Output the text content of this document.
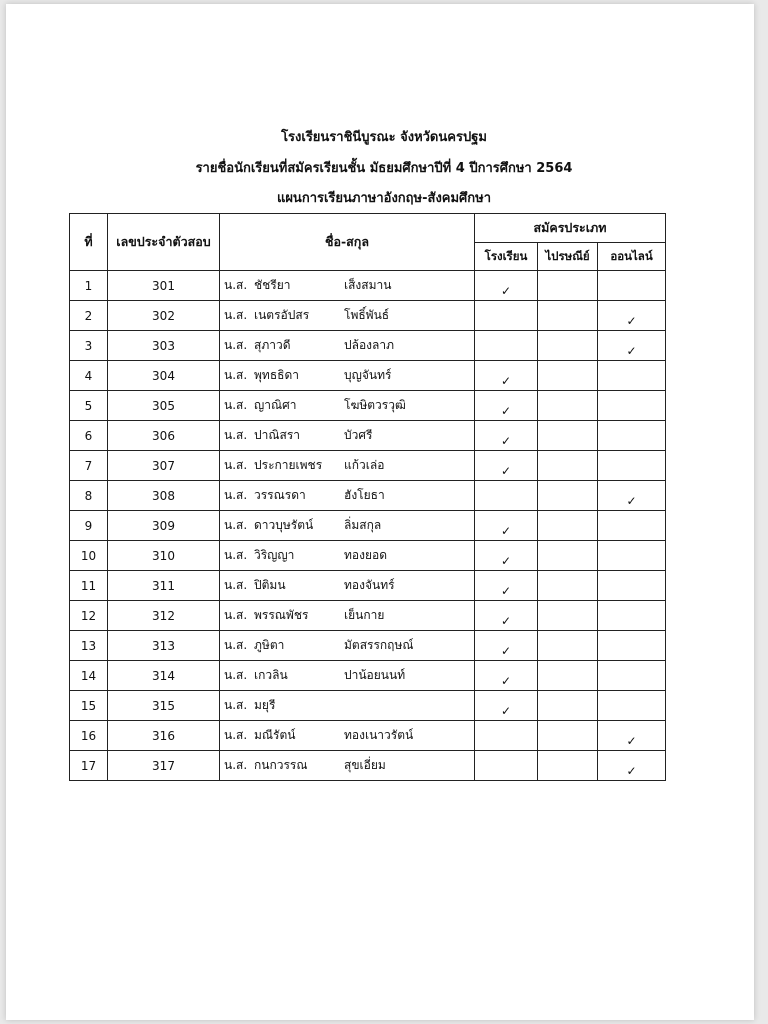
โรงเรียนราชินีบูรณะ จังหวัดนครปฐม
รายชื่อนักเรียนที่สมัครเรียนชั้น มัธยมศึกษาปีที่ 4 ปีการศึกษา 2564
แผนการเรียนภาษาอังกฤษ-สังคมศึกษา
ที่	เลขประจำตัวสอบ	ชื่อ-สกุล	สมัครประเภท		
			โรงเรียน	ไปรษณีย์	ออนไลน์
1	301	น.ส. ชัชรียา เส็งสมาน	✓		
2	302	น.ส. เนตรอัปสร โพธิ์พันธ์			✓
3	303	น.ส. สุภาวดี ปล้องลาภ			✓
4	304	น.ส. พุทธธิดา บุญจันทร์	✓		
5	305	น.ส. ญาณิศา โฆษิตวรวุฒิ	✓		
6	306	น.ส. ปาณิสรา บัวศรี	✓		
7	307	น.ส. ประกายเพชร แก้วเล่อ	✓		
8	308	น.ส. วรรณรดา ฮังโยธา			✓
9	309	น.ส. ดาวบุษรัตน์ ลิ่มสกุล	✓		
10	310	น.ส. วิริญญา ทองยอด	✓		
11	311	น.ส. ปิติมน ทองจันทร์	✓		
12	312	น.ส. พรรณพัชร เย็นกาย	✓		
13	313	น.ส. ภูษิตา มัตสรรกฤษณ์	✓		
14	314	น.ส. เกวลิน ปาน้อยนนท์	✓		
15	315	น.ส. มยุรี	✓		
16	316	น.ส. มณีรัตน์ ทองเนาวรัตน์			✓
17	317	น.ส. กนกวรรณ สุขเอี่ยม			✓
